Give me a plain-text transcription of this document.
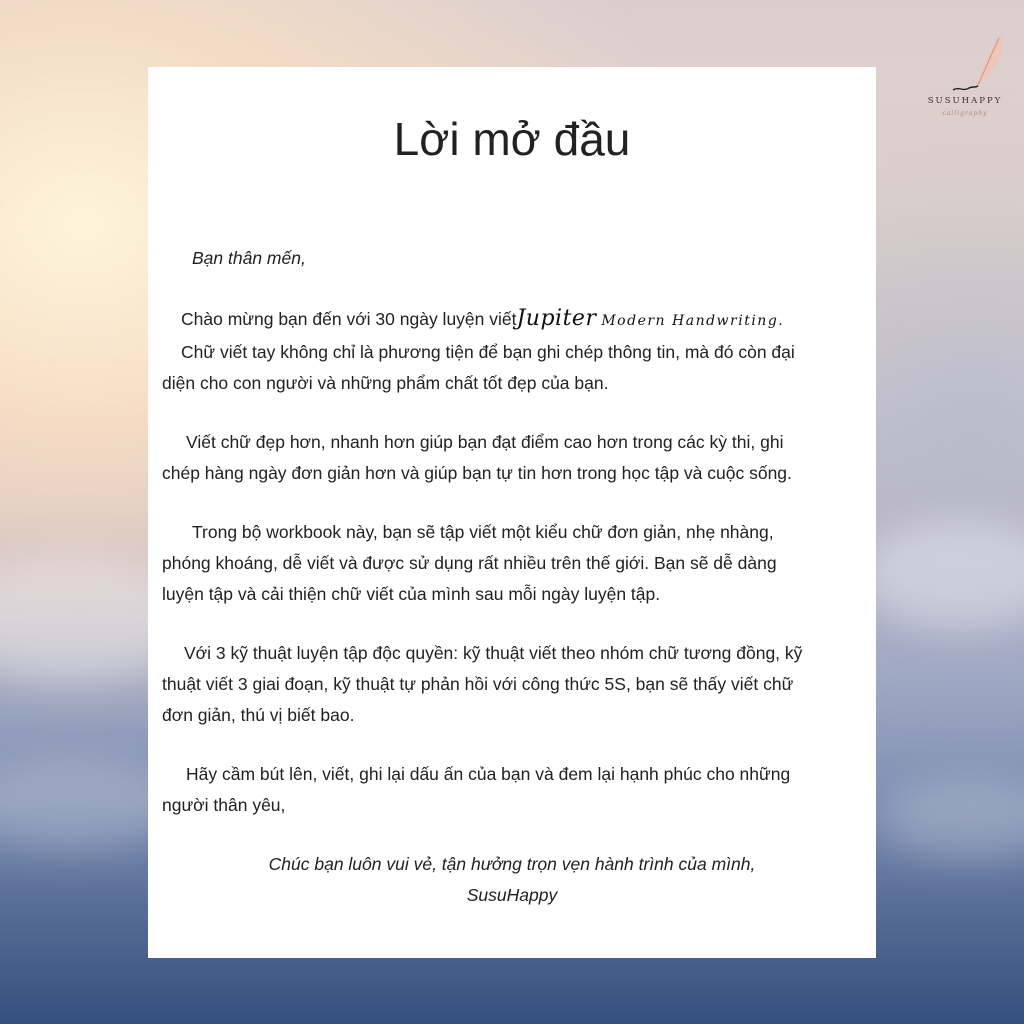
SUSUHAPPY
calligraphy
Lời mở đầu
Bạn thân mến,
Chào mừng bạn đến với 30 ngày luyện viếtJupiter Modern Handwriting.
Chữ viết tay không chỉ là phương tiện để bạn ghi chép thông tin, mà đó còn đại
diện cho con người và những phẩm chất tốt đẹp của bạn.
Viết chữ đẹp hơn, nhanh hơn giúp bạn đạt điểm cao hơn trong các kỳ thi, ghi
chép hàng ngày đơn giản hơn và giúp bạn tự tin hơn trong học tập và cuộc sống.
Trong bộ workbook này, bạn sẽ tập viết một kiểu chữ đơn giản, nhẹ nhàng,
phóng khoáng, dễ viết và được sử dụng rất nhiều trên thế giới. Bạn sẽ dễ dàng
luyện tập và cải thiện chữ viết của mình sau mỗi ngày luyện tập.
Với 3 kỹ thuật luyện tập độc quyền: kỹ thuật viết theo nhóm chữ tương đồng, kỹ
thuật viết 3 giai đoạn, kỹ thuật tự phản hồi với công thức 5S, bạn sẽ thấy viết chữ
đơn giản, thú vị biết bao.
Hãy cầm bút lên, viết, ghi lại dấu ấn của bạn và đem lại hạnh phúc cho những
người thân yêu,
Chúc bạn luôn vui vẻ, tận hưởng trọn vẹn hành trình của mình,
SusuHappy
